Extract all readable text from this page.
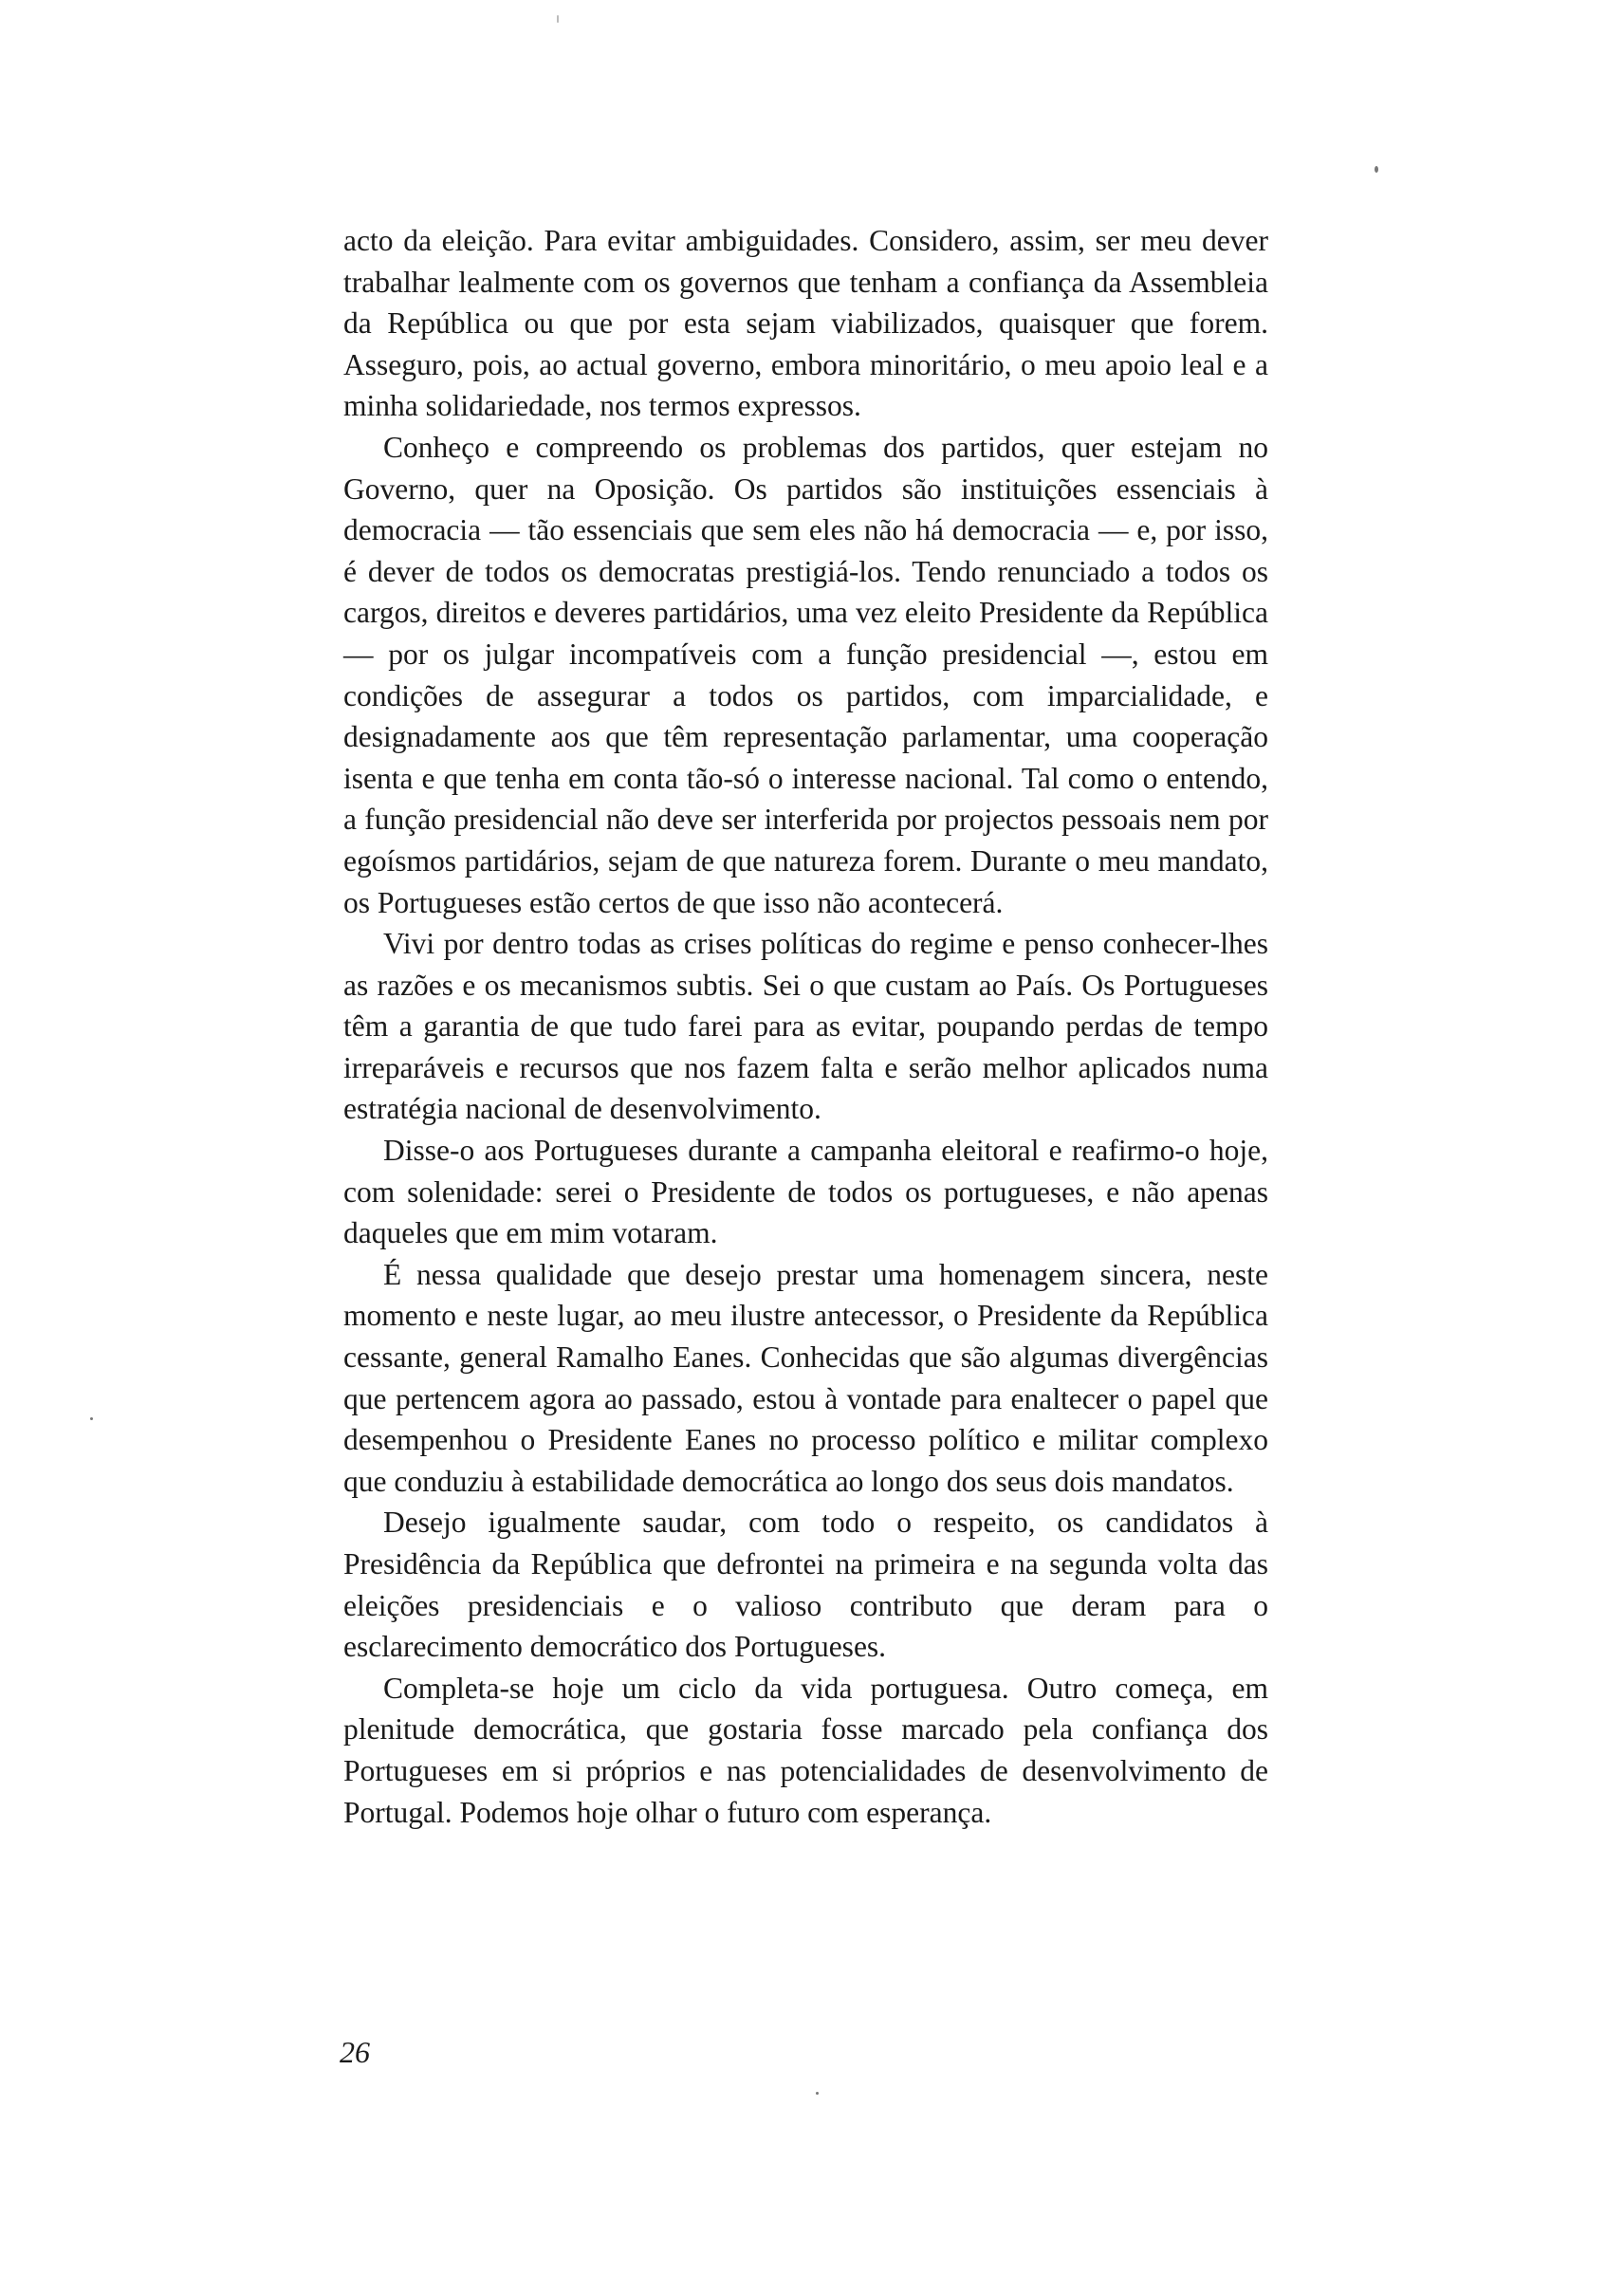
acto da eleição. Para evitar ambiguidades. Considero, assim, ser meu dever trabalhar lealmente com os governos que tenham a confiança da Assembleia da República ou que por esta sejam viabilizados, quaisquer que forem. Asseguro, pois, ao actual governo, embora minoritário, o meu apoio leal e a minha solidariedade, nos termos expressos.

Conheço e compreendo os problemas dos partidos, quer estejam no Governo, quer na Oposição. Os partidos são instituições essenciais à democracia — tão essenciais que sem eles não há democracia — e, por isso, é dever de todos os democratas prestigiá-los. Tendo renunciado a todos os cargos, direitos e deveres partidários, uma vez eleito Presidente da República — por os julgar incompatíveis com a função presidencial —, estou em condições de assegurar a todos os partidos, com imparcialidade, e designadamente aos que têm representação parlamentar, uma cooperação isenta e que tenha em conta tão-só o interesse nacional. Tal como o entendo, a função presidencial não deve ser interferida por projectos pessoais nem por egoísmos partidários, sejam de que natureza forem. Durante o meu mandato, os Portugueses estão certos de que isso não acontecerá.

Vivi por dentro todas as crises políticas do regime e penso conhecer-lhes as razões e os mecanismos subtis. Sei o que custam ao País. Os Portugueses têm a garantia de que tudo farei para as evitar, poupando perdas de tempo irreparáveis e recursos que nos fazem falta e serão melhor aplicados numa estratégia nacional de desenvolvimento.

Disse-o aos Portugueses durante a campanha eleitoral e reafirmo-o hoje, com solenidade: serei o Presidente de todos os portugueses, e não apenas daqueles que em mim votaram.

É nessa qualidade que desejo prestar uma homenagem sincera, neste momento e neste lugar, ao meu ilustre antecessor, o Presidente da República cessante, general Ramalho Eanes. Conhecidas que são algumas divergências que pertencem agora ao passado, estou à vontade para enaltecer o papel que desempenhou o Presidente Eanes no processo político e militar complexo que conduziu à estabilidade democrática ao longo dos seus dois mandatos.

Desejo igualmente saudar, com todo o respeito, os candidatos à Presidência da República que defrontei na primeira e na segunda volta das eleições presidenciais e o valioso contributo que deram para o esclarecimento democrático dos Portugueses.

Completa-se hoje um ciclo da vida portuguesa. Outro começa, em plenitude democrática, que gostaria fosse marcado pela confiança dos Portugueses em si próprios e nas potencialidades de desenvolvimento de Portugal. Podemos hoje olhar o futuro com esperança.

26
